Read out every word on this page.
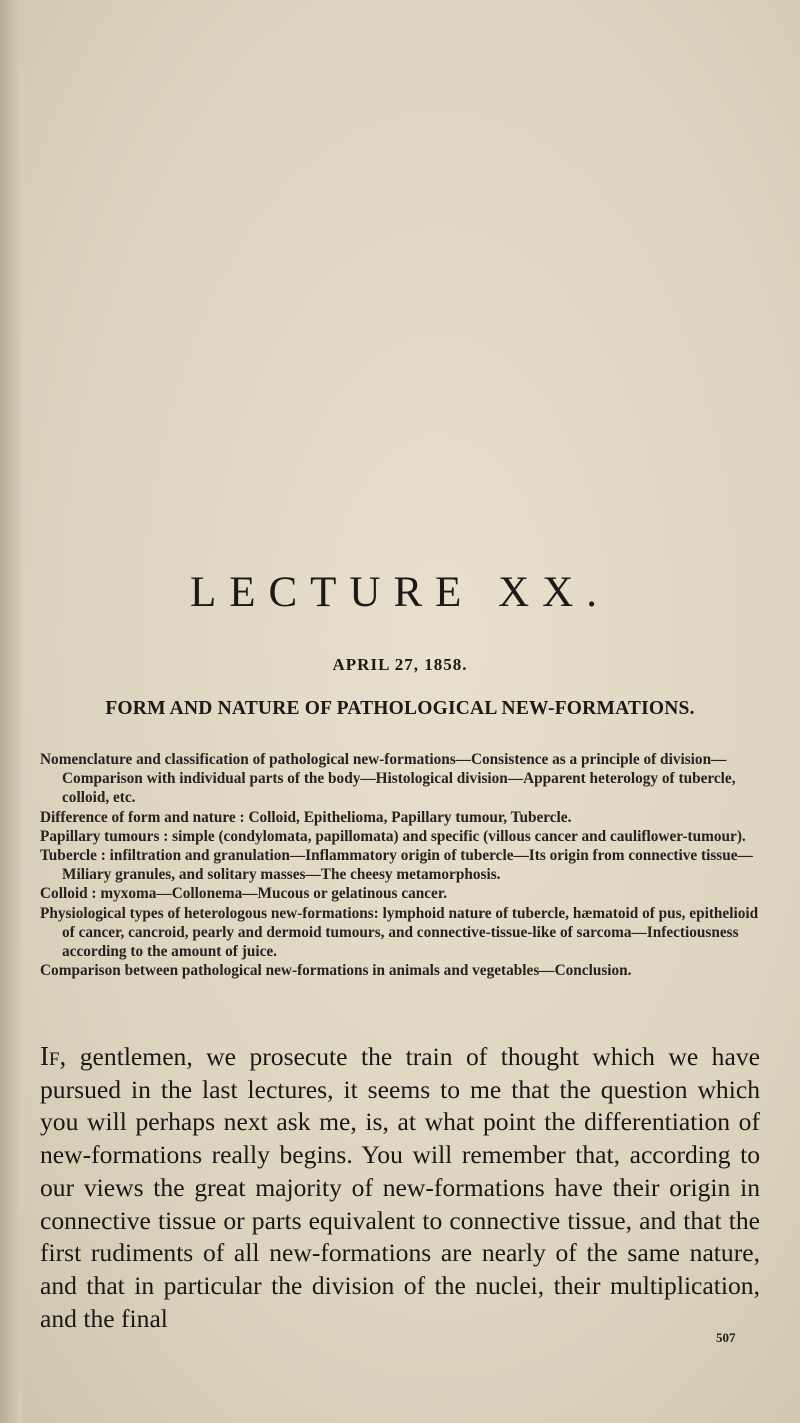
LECTURE XX.
APRIL 27, 1858.
FORM AND NATURE OF PATHOLOGICAL NEW-FORMATIONS.

Nomenclature and classification of pathological new-formations—Consistence as a principle of division—Comparison with individual parts of the body—Histological division—Apparent heterology of tubercle, colloid, etc.

Difference of form and nature : Colloid, Epithelioma, Papillary tumour, Tubercle.

Papillary tumours : simple (condylomata, papillomata) and specific (villous cancer and cauliflower-tumour).

Tubercle : infiltration and granulation—Inflammatory origin of tubercle—Its origin from connective tissue—Miliary granules, and solitary masses—The cheesy metamorphosis.

Colloid : myxoma—Collonema—Mucous or gelatinous cancer.

Physiological types of heterologous new-formations: lymphoid nature of tubercle, hæmatoid of pus, epithelioid of cancer, cancroid, pearly and dermoid tumours, and connective-tissue-like of sarcoma—Infectiousness according to the amount of juice.

Comparison between pathological new-formations in animals and vegetables—Conclusion.

If, gentlemen, we prosecute the train of thought which we have pursued in the last lectures, it seems to me that the question which you will perhaps next ask me, is, at what point the differentiation of new-formations really begins. You will remember that, according to our views the great majority of new-formations have their origin in connective tissue or parts equivalent to connective tissue, and that the first rudiments of all new-formations are nearly of the same nature, and that in particular the division of the nuclei, their multiplication, and the final

507
